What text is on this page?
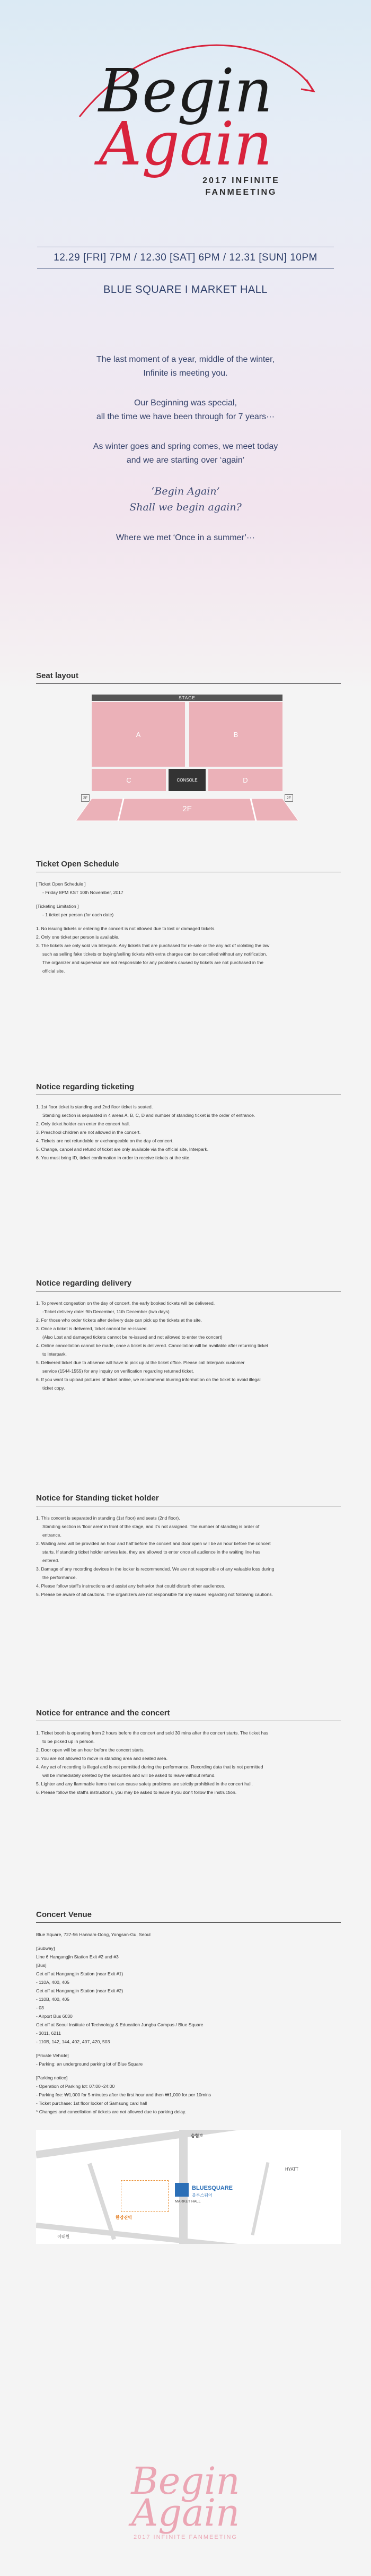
Begin
Again
2017 INFINITE
FANMEETING
12.29 [FRI] 7PM / 12.30 [SAT] 6PM / 12.31 [SUN] 10PM
BLUE SQUARE I MARKET HALL

The last moment of a year, middle of the winter,

Infinite is meeting you.

Our Beginning was special,

all the time we have been through for 7 years···

As winter goes and spring comes, we meet today

and we are starting over ‘again’

‘Begin Again’

Shall we begin again?

Where we met ‘Once in a summer’···

Seat layout
STAGE
A	B
C	CONSOLE	D
2F	2F
2F
Ticket Open Schedule
[ Ticket Open Schedule ]
- Friday 8PM KST 10th November, 2017
[Ticketing Limitation ]
- 1 ticket per person (for each date)
1. No issuing tickets or entering the concert is not allowed due to lost or damaged tickets.
2. Only one ticket per person is available.
3. The tickets are only sold via Interpark. Any tickets that are purchased for re-sale or the any act of violating the law
such as selling fake tickets or buying/selling tickets with extra charges can be cancelled without any notification.
The organizer and supervisor are not responsible for any problems caused by tickets are not purchased in the
official site.
Notice regarding ticketing
1. 1st floor ticket is standing and 2nd floor ticket is seated.
Standing section is separated in 4 areas A, B, C, D and number of standing ticket is the order of entrance.
2. Only ticket holder can enter the concert hall.
3. Preschool children are not allowed in the concert.
4. Tickets are not refundable or exchangeable on the day of concert.
5. Change, cancel and refund of ticket are only available via the official site, Interpark.
6. You must bring ID, ticket confirmation in order to receive tickets at the site.
Notice regarding delivery
1. To prevent congestion on the day of concert, the early booked tickets will be delivered.
-Ticket delivery date: 9th December, 11th December (two days)
2. For those who order tickets after delivery date can pick up the tickets at the site.
3. Once a ticket is delivered, ticket cannot be re-issued.
(Also Lost and damaged tickets cannot be re-issued and not allowed to enter the concert)
4. Online cancellation cannot be made, once a ticket is delivered. Cancellation will be available after returning ticket
to Interpark.
5. Delivered ticket due to absence will have to pick up at the ticket office. Please call Interpark customer
service (1544-1555) for any inquiry on verification regarding returned ticket.
6. If you want to upload pictures of ticket online, we recommend blurring information on the ticket to avoid illegal
ticket copy.
Notice for Standing ticket holder
1. This concert is separated in standing (1st floor) and seats (2nd floor).
Standing section is ‘floor area’ in front of the stage, and it’s not assigned. The number of standing is order of
entrance.
2. Waiting area will be provided an hour and half before the concert and door open will be an hour before the concert
starts. If standing ticket holder arrives late, they are allowed to enter once all audience in the waiting line has
entered.
3. Damage of any recording devices in the locker is recommended. We are not responsible of any valuable loss during
the performance.
4. Please follow staff's instructions and assist any behavior that could disturb other audiences.
5. Please be aware of all cautions. The organizers are not responsible for any issues regarding not following cautions.
Notice for entrance and the concert
1. Ticket booth is operating from 2 hours before the concert and sold 30 mins after the concert starts. The ticket has
to be picked up in person.
2. Door open will be an hour before the concert starts.
3. You are not allowed to move in standing area and seated area.
4. Any act of recording is illegal and is not permitted during the performance. Recording data that is not permitted
will be immediately deleted by the securities and will be asked to leave without refund.
5. Lighter and any flammable items that can cause safety problems are strictly prohibited in the concert hall.
6. Please follow the staff's instructions, you may be asked to leave if you don't follow the instruction.
Concert Venue
Blue Square, 727-56 Hannam-Dong, Yongsan-Gu, Seoul
[Subway]
Line 6 Hangangjin Station Exit #2 and #3
[Bus]
Get off at Hangangjin Station (near Exit #1)
- 110A, 400, 405
Get off at Hangangjin Station (near Exit #2)
- 110B, 400, 405
- 03
- Airport Bus 6030
Get off at Seoul Institute of Technology & Education Jungbu Campus / Blue Square
- 3011, 6211
- 110B, 142, 144, 402, 407, 420, 503
[Private Vehicle]
- Parking: an underground parking lot of Blue Square
[Parking notice]
- Operation of Parking lot: 07:00~24:00
- Parking fee: ₩1,000 for 5 minutes after the first hour and then ₩1,000 for per 10mins
- Ticket purchase: 1st floor locker of Samsung card hall
* Changes and cancellation of tickets are not allowed due to parking delay.
숨험보
한강진역
BLUESQUARE
블루스퀘어
MARKET HALL
이태원
HYATT
Begin
Again
2017 INFINITE FANMEETING
